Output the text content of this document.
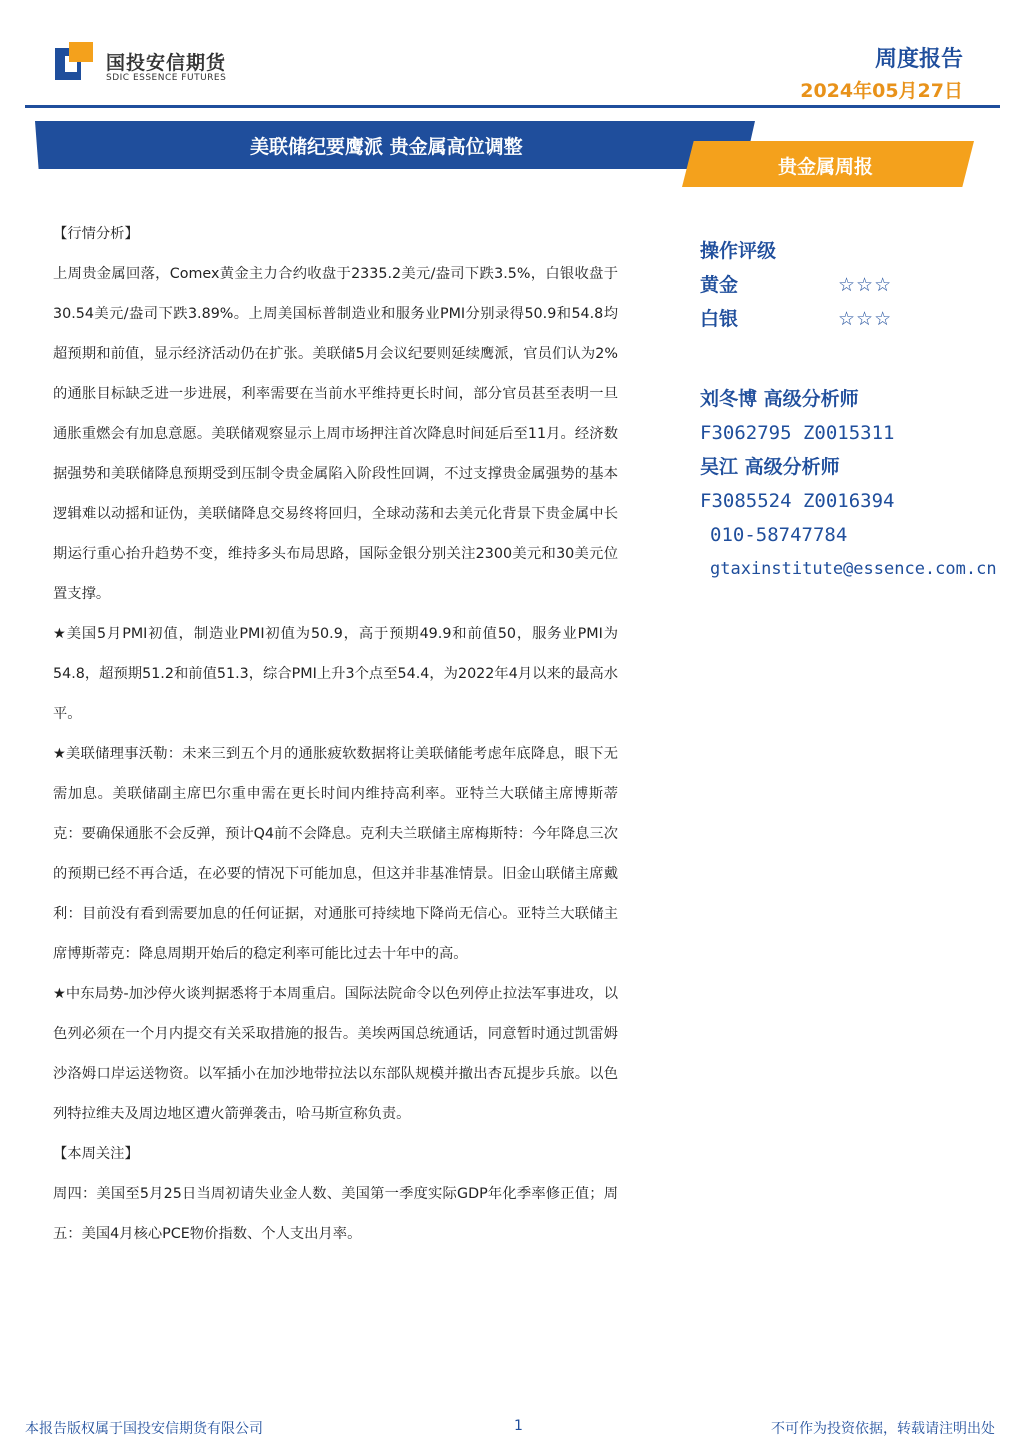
国投安信期货
SDIC ESSENCE FUTURES
周度报告
2024年05月27日
美联储纪要鹰派 贵金属高位调整
贵金属周报

【行情分析】

上周贵金属回落，Comex黄金主力合约收盘于2335.2美元/盎司下跌3.5%，白银收盘于30.54美元/盎司下跌3.89%。上周美国标普制造业和服务业PMI分别录得50.9和54.8均超预期和前值，显示经济活动仍在扩张。美联储5月会议纪要则延续鹰派，官员们认为2%的通胀目标缺乏进一步进展，利率需要在当前水平维持更长时间，部分官员甚至表明一旦通胀重燃会有加息意愿。美联储观察显示上周市场押注首次降息时间延后至11月。经济数据强势和美联储降息预期受到压制令贵金属陷入阶段性回调，不过支撑贵金属强势的基本逻辑难以动摇和证伪，美联储降息交易终将回归，全球动荡和去美元化背景下贵金属中长期运行重心抬升趋势不变，维持多头布局思路，国际金银分别关注2300美元和30美元位置支撑。

★美国5月PMI初值，制造业PMI初值为50.9，高于预期49.9和前值50，服务业PMI为54.8，超预期51.2和前值51.3，综合PMI上升3个点至54.4，为2022年4月以来的最高水平。

★美联储理事沃勒：未来三到五个月的通胀疲软数据将让美联储能考虑年底降息，眼下无需加息。美联储副主席巴尔重申需在更长时间内维持高利率。亚特兰大联储主席博斯蒂克：要确保通胀不会反弹，预计Q4前不会降息。克利夫兰联储主席梅斯特：今年降息三次的预期已经不再合适，在必要的情况下可能加息，但这并非基准情景。旧金山联储主席戴利：目前没有看到需要加息的任何证据，对通胀可持续地下降尚无信心。亚特兰大联储主席博斯蒂克：降息周期开始后的稳定利率可能比过去十年中的高。

★中东局势-加沙停火谈判据悉将于本周重启。国际法院命令以色列停止拉法军事进攻，以色列必须在一个月内提交有关采取措施的报告。美埃两国总统通话，同意暂时通过凯雷姆沙洛姆口岸运送物资。以军插小在加沙地带拉法以东部队规模并撤出杏瓦提步兵旅。以色列特拉维夫及周边地区遭火箭弹袭击，哈马斯宣称负责。

【本周关注】

周四：美国至5月25日当周初请失业金人数、美国第一季度实际GDP年化季率修正值；周五：美国4月核心PCE物价指数、个人支出月率。

操作评级
黄金	☆☆☆
白银	☆☆☆
刘冬博 高级分析师
F3062795 Z0015311
吴江 高级分析师
F3085524 Z0016394
010-58747784
gtaxinstitute@essence.com.cn
本报告版权属于国投安信期货有限公司	1	不可作为投资依据，转载请注明出处
